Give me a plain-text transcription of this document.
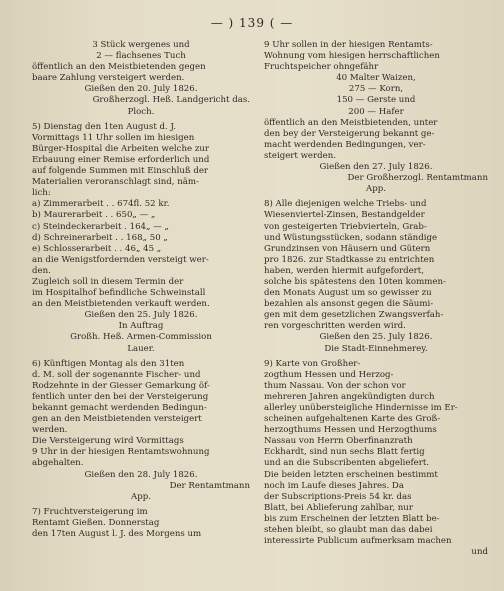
— ) 139 ( —
3 Stück wergenes und
2 — flachsenes Tuch
öffentlich an den Meistbietenden gegen
baare Zahlung versteigert werden.
Gießen den 20. July 1826.
Großherzogl. Heß. Landgericht das.
Ploch.
5) Dienstag den 1ten August d. J.
Vormittags 11 Uhr sollen im hiesigen
Bürger-Hospital die Arbeiten welche zur
Erbauung einer Remise erforderlich und
auf folgende Summen mit Einschluß der
Materialien veroranschlagt sind, näm-
lich:
a) Zimmerarbeit . . 674fl. 52 kr.
b) Maurerarbeit . . 650„ — „
c) Steindeckerarbeit . 164„ — „
d) Schreinerarbeit . . 168„ 50 „
e) Schlosserarbeit . . 46„ 45 „
an die Wenigstfordernden versteigt wer-
den.
Zugleich soll in diesem Termin der
im Hospitalhof befindliche Schweinstall
an den Meistbietenden verkauft werden.
Gießen den 25. July 1826.
In Auftrag
Großh. Heß. Armen-Commission
Lauer.
6) Künftigen Montag als den 31ten
d. M. soll der sogenannte Fischer- und
Rodzehnte in der Giesser Gemarkung öf-
fentlich unter den bei der Versteigerung
bekannt gemacht werdenden Bedingun-
gen an den Meistbietenden versteigert
werden.
Die Versteigerung wird Vormittags
9 Uhr in der hiesigen Rentamtswohnung
abgehalten.
Gießen den 28. July 1826.
Der Rentamtmann
App.
7) Fruchtversteigerung im
Rentamt Gießen. Donnerstag
den 17ten August l. J. des Morgens um
9 Uhr sollen in der hiesigen Rentamts-
Wohnung vom hiesigen herrschaftlichen
Fruchtspeicher ohngefähr
40 Malter Waizen,
275 — Korn,
150 — Gerste und
200 — Hafer
öffentlich an den Meistbietenden, unter
den bey der Versteigerung bekannt ge-
macht werdenden Bedingungen, ver-
steigert werden.
Gießen den 27. July 1826.
Der Großherzogl. Rentamtmann
App.
8) Alle diejenigen welche Triebs- und
Wiesenviertel-Zinsen, Bestandgelder
von gesteigerten Triebvierteln, Grab-
und Wüstungsstücken, sodann ständige
Grundzinsen von Häusern und Gütern
pro 1826. zur Stadtkasse zu entrichten
haben, werden hiermit aufgefordert,
solche bis spätestens den 10ten kommen-
den Monats August um so gewisser zu
bezahlen als ansonst gegen die Säumi-
gen mit dem gesetzlichen Zwangsverfah-
ren vorgeschritten werden wird.
Gießen den 25. July 1826.
Die Stadt-Einnehmerey.
9) Karte von Großher-
zogthum Hessen und Herzog-
thum Nassau. Von der schon vor
mehreren Jahren angekündigten durch
allerley unübersteigliche Hindernisse im Er-
scheinen aufgehaltenen Karte des Groß-
herzogthums Hessen und Herzogthums
Nassau von Herrn Oberfinanzrath
Eckhardt, sind nun sechs Blatt fertig
und an die Subscribenten abgeliefert.
Die beiden letzten erscheinen bestimmt
noch im Laufe dieses Jahres. Da
der Subscriptions-Preis 54 kr. das
Blatt, bei Ablieferung zahlbar, nur
bis zum Erscheinen der letzten Blatt be-
stehen bleibt, so glaubt man das dabei
interessirte Publicum aufmerksam machen
und
